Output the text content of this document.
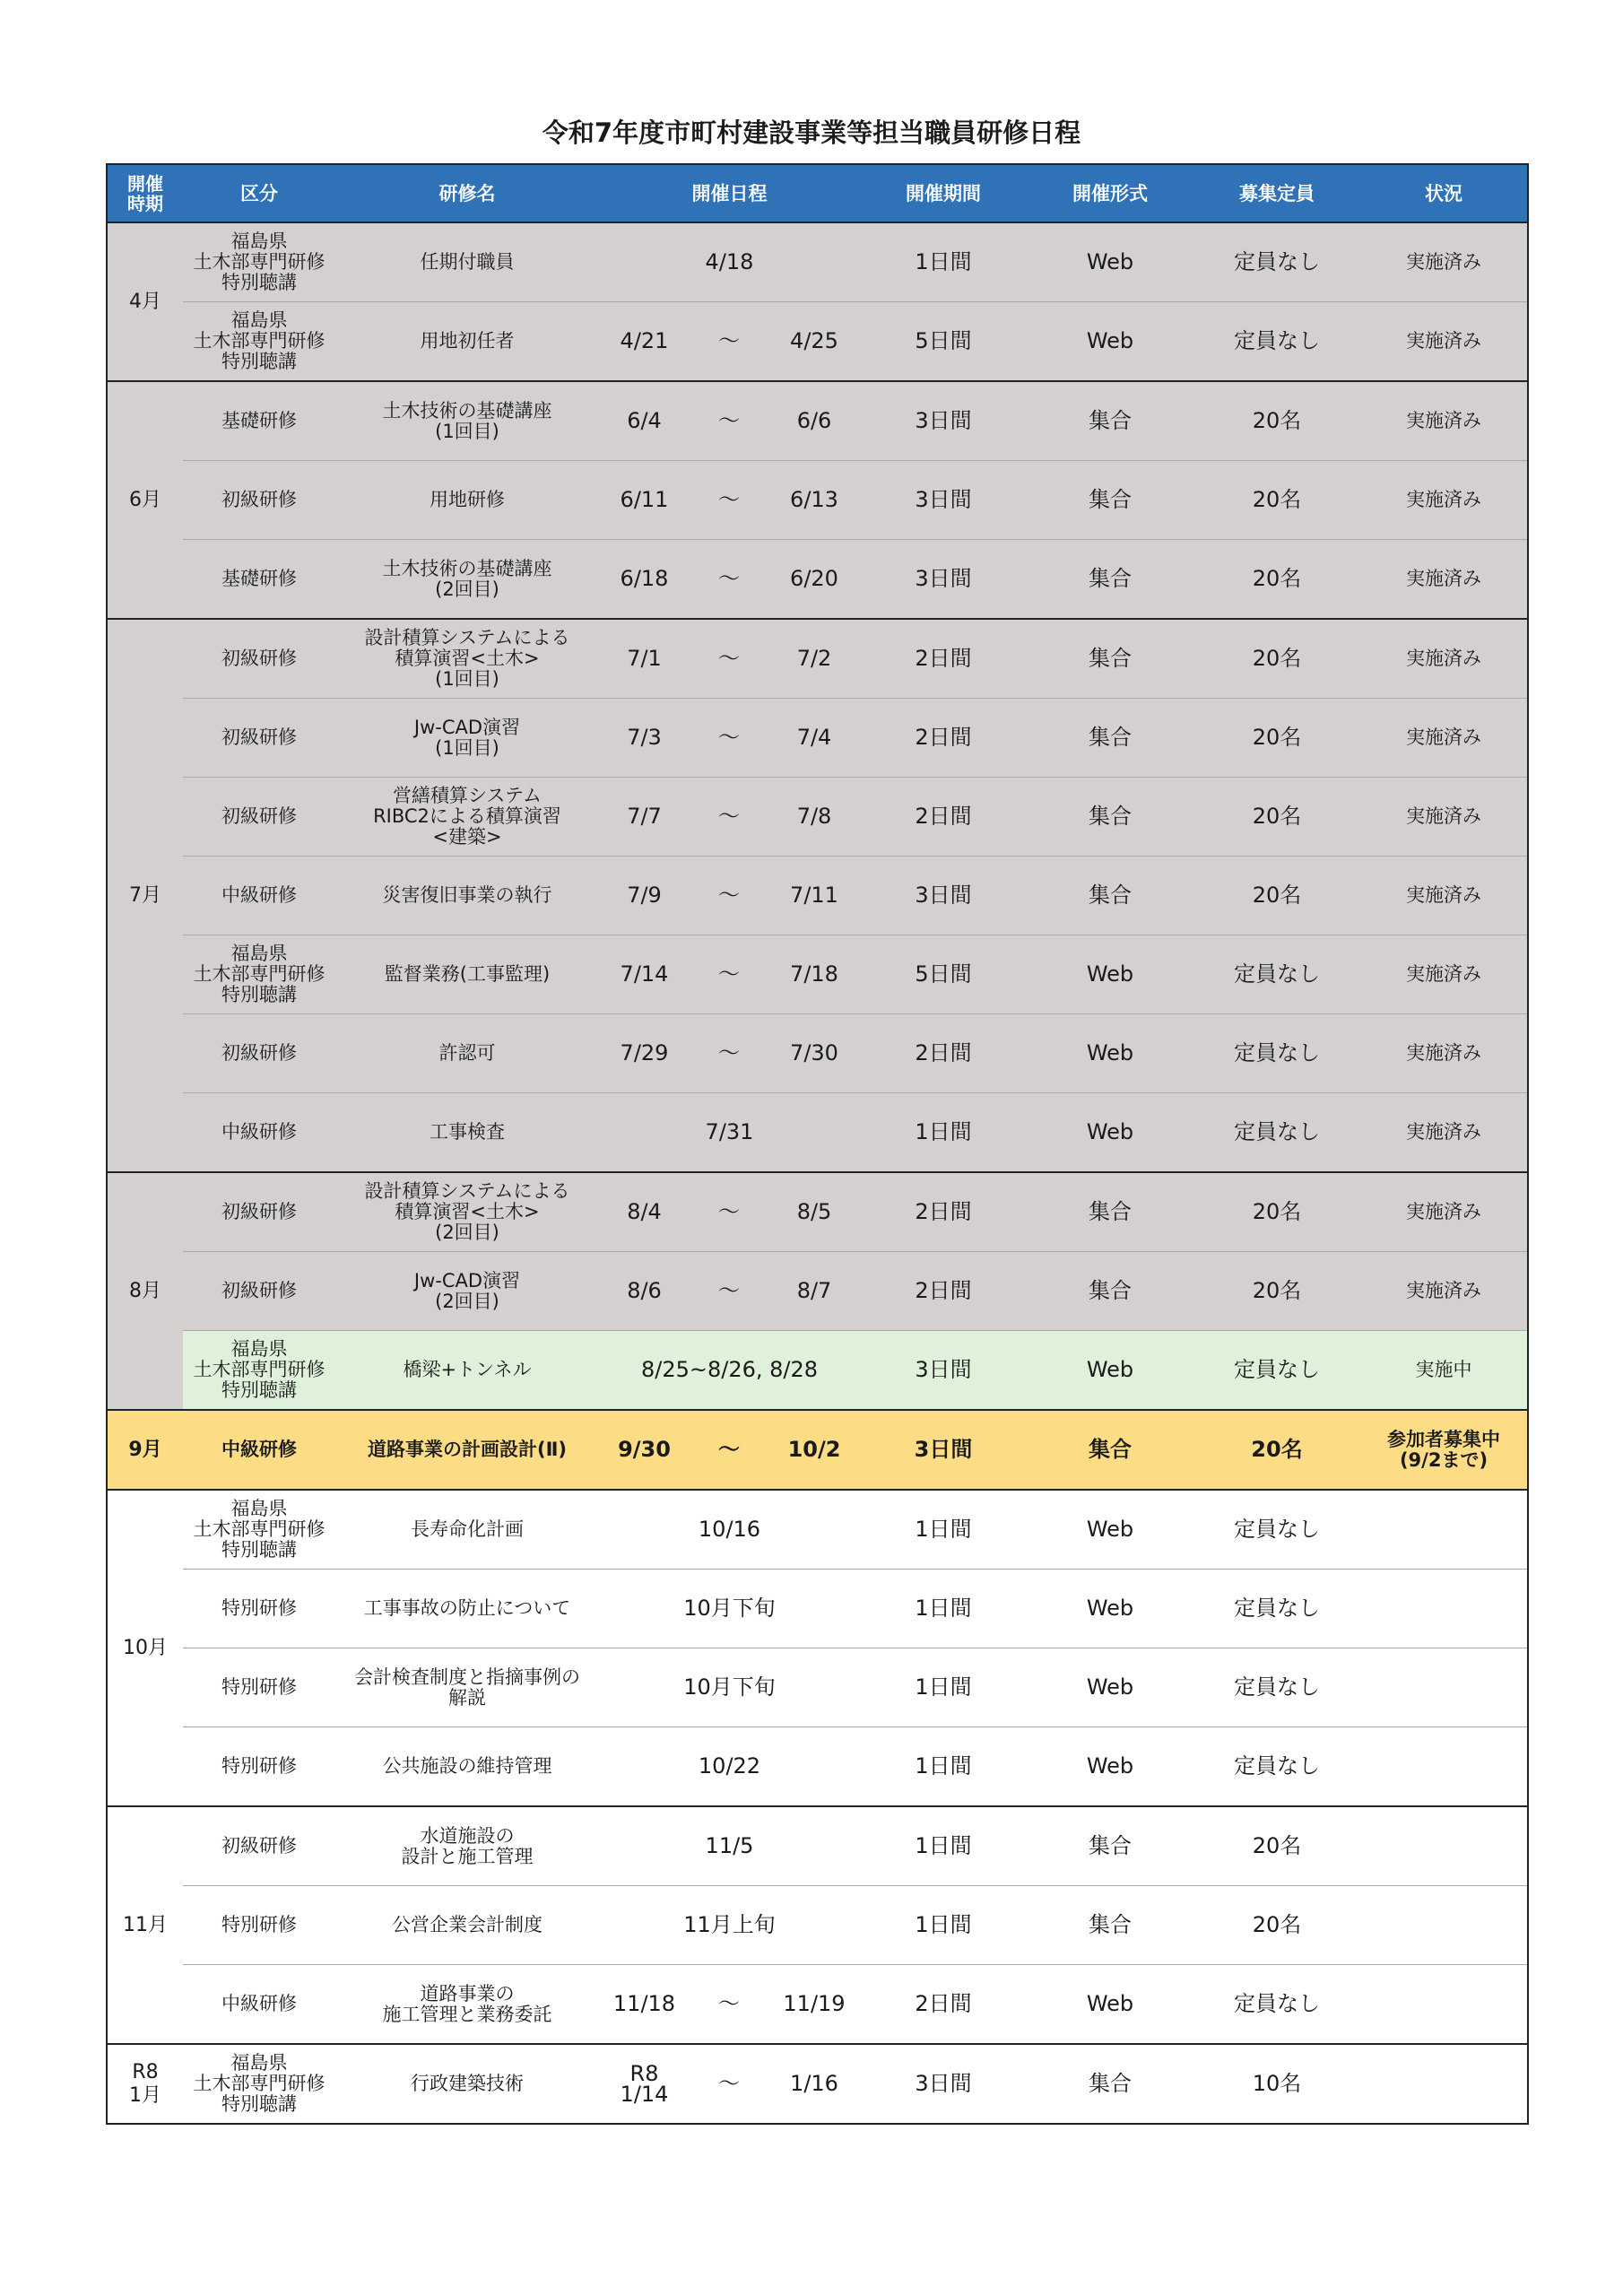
令和7年度市町村建設事業等担当職員研修日程
開催
時期	区分	研修名	開催日程			開催期間	開催形式	募集定員	状況
4月	福島県
土木部専門研修
特別聴講	任期付職員	4/18			1日間	Web	定員なし	実施済み
	福島県
土木部専門研修
特別聴講	用地初任者	4/21	〜	4/25	5日間	Web	定員なし	実施済み
6月	基礎研修	土木技術の基礎講座
(1回目)	6/4	〜	6/6	3日間	集合	20名	実施済み
	初級研修	用地研修	6/11	〜	6/13	3日間	集合	20名	実施済み
	基礎研修	土木技術の基礎講座
(2回目)	6/18	〜	6/20	3日間	集合	20名	実施済み
7月	初級研修	設計積算システムによる
積算演習<土木>
(1回目)	7/1	〜	7/2	2日間	集合	20名	実施済み
	初級研修	Jw-CAD演習
(1回目)	7/3	〜	7/4	2日間	集合	20名	実施済み
	初級研修	営繕積算システム
RIBC2による積算演習
<建築>	7/7	〜	7/8	2日間	集合	20名	実施済み
	中級研修	災害復旧事業の執行	7/9	〜	7/11	3日間	集合	20名	実施済み
	福島県
土木部専門研修
特別聴講	監督業務(工事監理)	7/14	〜	7/18	5日間	Web	定員なし	実施済み
	初級研修	許認可	7/29	〜	7/30	2日間	Web	定員なし	実施済み
	中級研修	工事検査	7/31			1日間	Web	定員なし	実施済み
8月	初級研修	設計積算システムによる
積算演習<土木>
(2回目)	8/4	〜	8/5	2日間	集合	20名	実施済み
	初級研修	Jw-CAD演習
(2回目)	8/6	〜	8/7	2日間	集合	20名	実施済み
	福島県
土木部専門研修
特別聴講	橋梁+トンネル	8/25~8/26, 8/28			3日間	Web	定員なし	実施中
9月	中級研修	道路事業の計画設計(Ⅱ)	9/30	〜	10/2	3日間	集合	20名	参加者募集中
(9/2まで)
10月	福島県
土木部専門研修
特別聴講	長寿命化計画	10/16			1日間	Web	定員なし	
	特別研修	工事事故の防止について	10月下旬			1日間	Web	定員なし	
	特別研修	会計検査制度と指摘事例の
解説	10月下旬			1日間	Web	定員なし	
	特別研修	公共施設の維持管理	10/22			1日間	Web	定員なし	
11月	初級研修	水道施設の
設計と施工管理	11/5			1日間	集合	20名	
	特別研修	公営企業会計制度	11月上旬			1日間	集合	20名	
	中級研修	道路事業の
施工管理と業務委託	11/18	〜	11/19	2日間	Web	定員なし	
R8
1月	福島県
土木部専門研修
特別聴講	行政建築技術	R8
1/14	〜	1/16	3日間	集合	10名	
